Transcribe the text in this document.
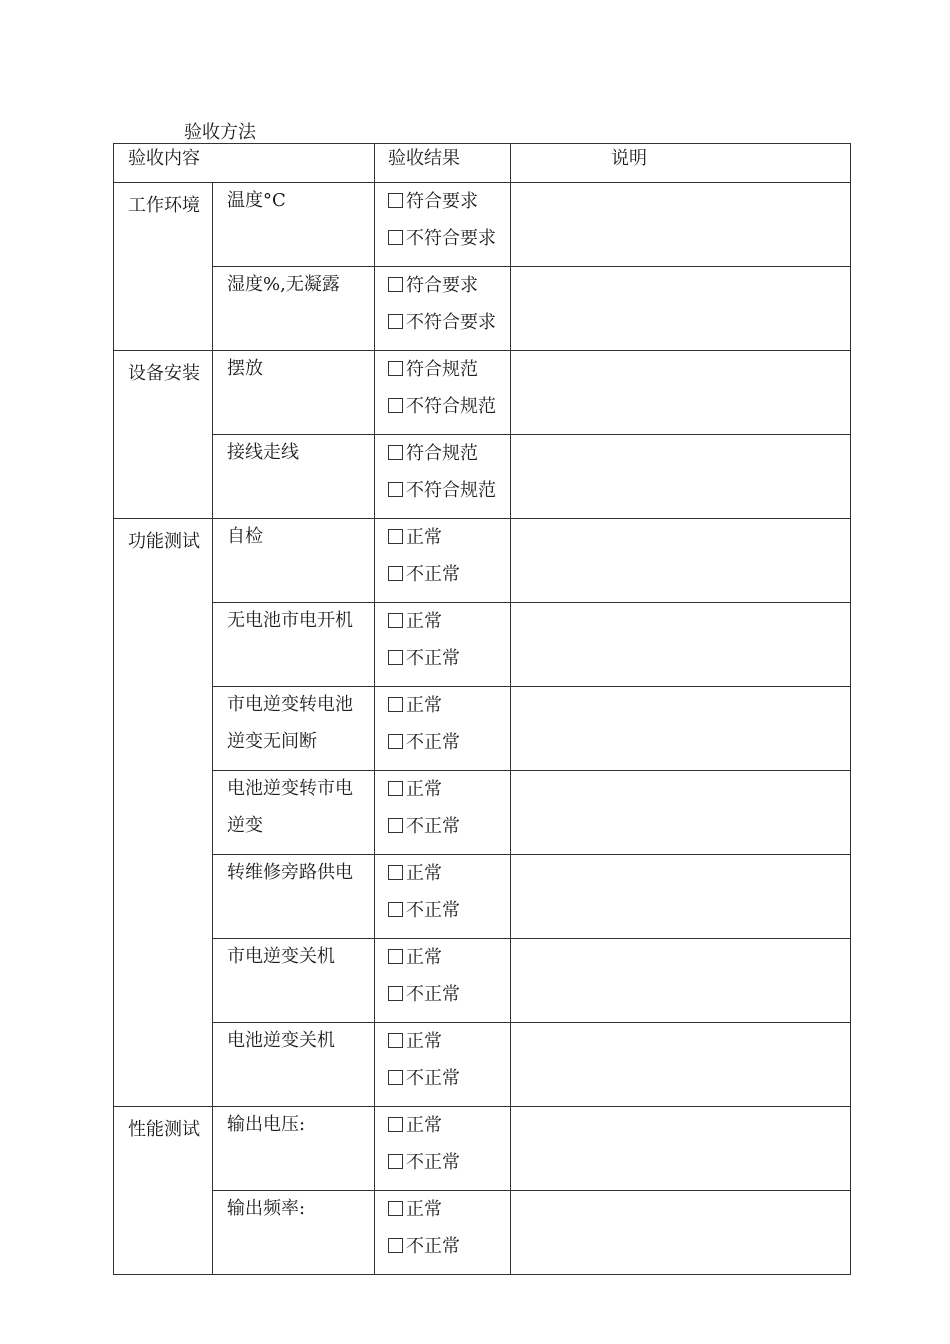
验收方法
验收内容		验收结果	说明
工作环境	温度°C	符合要求
不符合要求	

	湿度%,无凝露	符合要求
不符合要求	

设备安装	摆放	符合规范
不符合规范	

	接线走线	符合规范
不符合规范	

功能测试	自检	正常
不正常	

	无电池市电开机	正常
不正常	

	市电逆变转电池逆变无间断	正常
不正常	

	电池逆变转市电逆变	正常
不正常	

	转维修旁路供电	正常
不正常	

	市电逆变关机	正常
不正常	

	电池逆变关机	正常
不正常	

性能测试	输出电压:	正常
不正常	

	输出频率:	正常
不正常	
